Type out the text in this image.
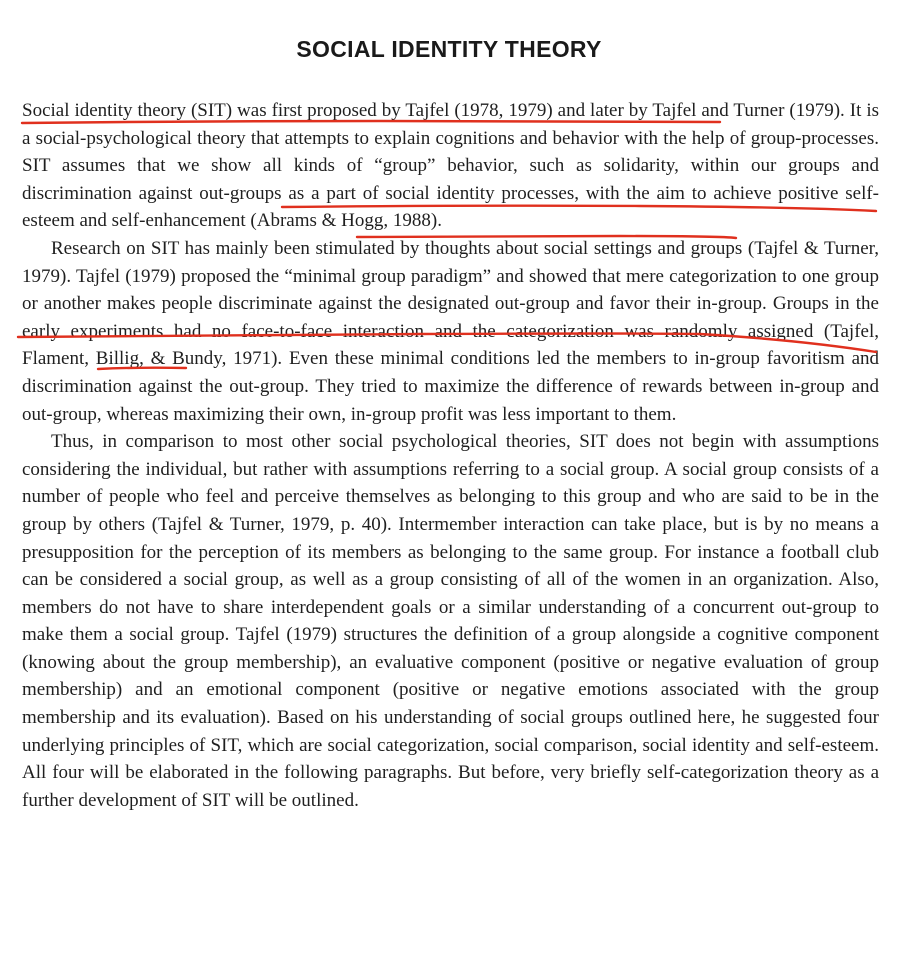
SOCIAL IDENTITY THEORY

Social identity theory (SIT) was first proposed by Tajfel (1978, 1979) and later by Tajfel and Turner (1979). It is a social-psychological theory that attempts to explain cognitions and behavior with the help of group-processes. SIT assumes that we show all kinds of “group” behavior, such as solidarity, within our groups and discrimination against out-groups as a part of social identity processes, with the aim to achieve positive self-esteem and self-enhancement (Abrams & Hogg, 1988).

Research on SIT has mainly been stimulated by thoughts about social settings and groups (Tajfel & Turner, 1979). Tajfel (1979) proposed the “minimal group paradigm” and showed that mere categorization to one group or another makes people discriminate against the designated out-group and favor their in-group. Groups in the early experiments had no face-to-face interaction and the categorization was randomly assigned (Tajfel, Flament, Billig, & Bundy, 1971). Even these minimal conditions led the members to in-group favoritism and discrimination against the out-group. They tried to maximize the difference of rewards between in-group and out-group, whereas maximizing their own, in-group profit was less important to them.

Thus, in comparison to most other social psychological theories, SIT does not begin with assumptions considering the individual, but rather with assumptions referring to a social group. A social group consists of a number of people who feel and perceive themselves as belonging to this group and who are said to be in the group by others (Tajfel & Turner, 1979, p. 40). Intermember interaction can take place, but is by no means a presupposition for the perception of its members as belonging to the same group. For instance a football club can be considered a social group, as well as a group consisting of all of the women in an organization. Also, members do not have to share interdependent goals or a similar understanding of a concurrent out-group to make them a social group. Tajfel (1979) structures the definition of a group alongside a cognitive component (knowing about the group membership), an evaluative component (positive or negative evaluation of group membership) and an emotional component (positive or negative emotions associated with the group membership and its evaluation). Based on his understanding of social groups outlined here, he suggested four underlying principles of SIT, which are social categorization, social comparison, social identity and self-esteem. All four will be elaborated in the following paragraphs. But before, very briefly self-categorization theory as a further development of SIT will be outlined.
